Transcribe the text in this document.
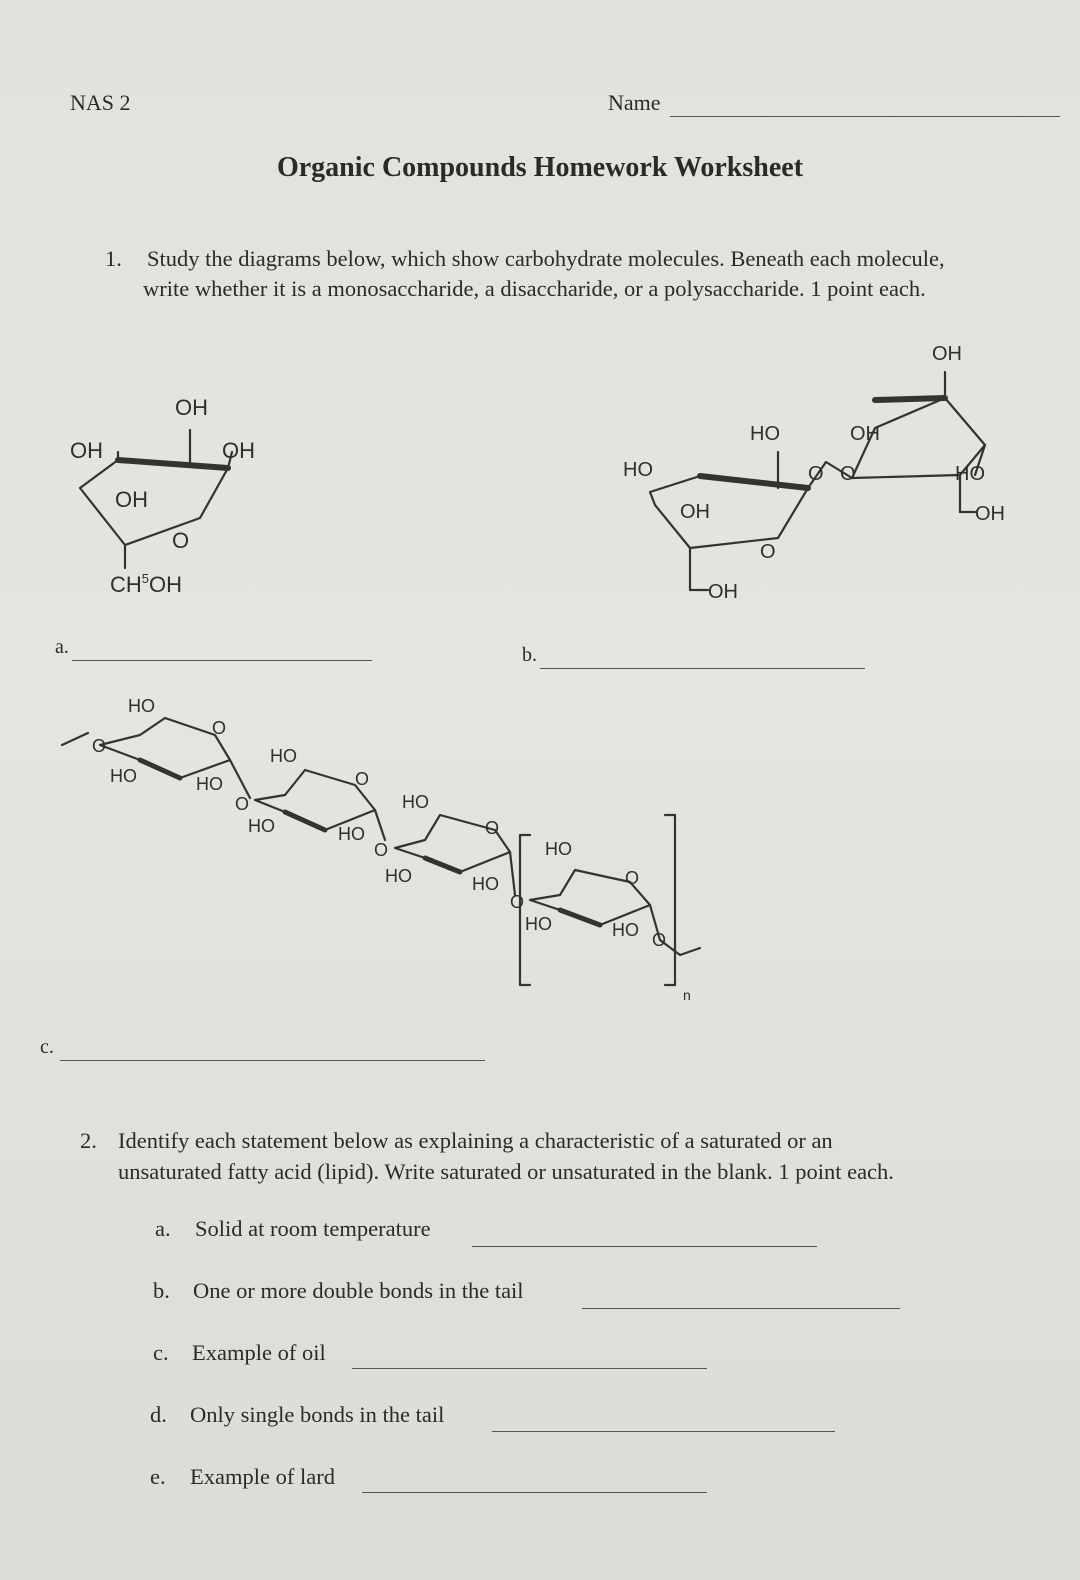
NAS 2	Name
Organic Compounds Homework Worksheet
1. Study the diagrams below, which show carbohydrate molecules. Beneath each molecule,
write whether it is a monosaccharide, a disaccharide, or a polysaccharide. 1 point each.
OH
OH
OH
OH
O
$CH^5OH$
HO
OH
OH
O
HO
O O
OH
OH
HO
OH
HO
HO	HO
O
O
O
HO
HO	HO
O
O
HO
HO	HO
O
O
HO
HO	HO
O
O
n
a.	b.
c.
2. Identify each statement below as explaining a characteristic of a saturated or an
unsaturated fatty acid (lipid). Write saturated or unsaturated in the blank. 1 point each.
a. Solid at room temperature
b. One or more double bonds in the tail
c. Example of oil
d. Only single bonds in the tail
e. Example of lard
